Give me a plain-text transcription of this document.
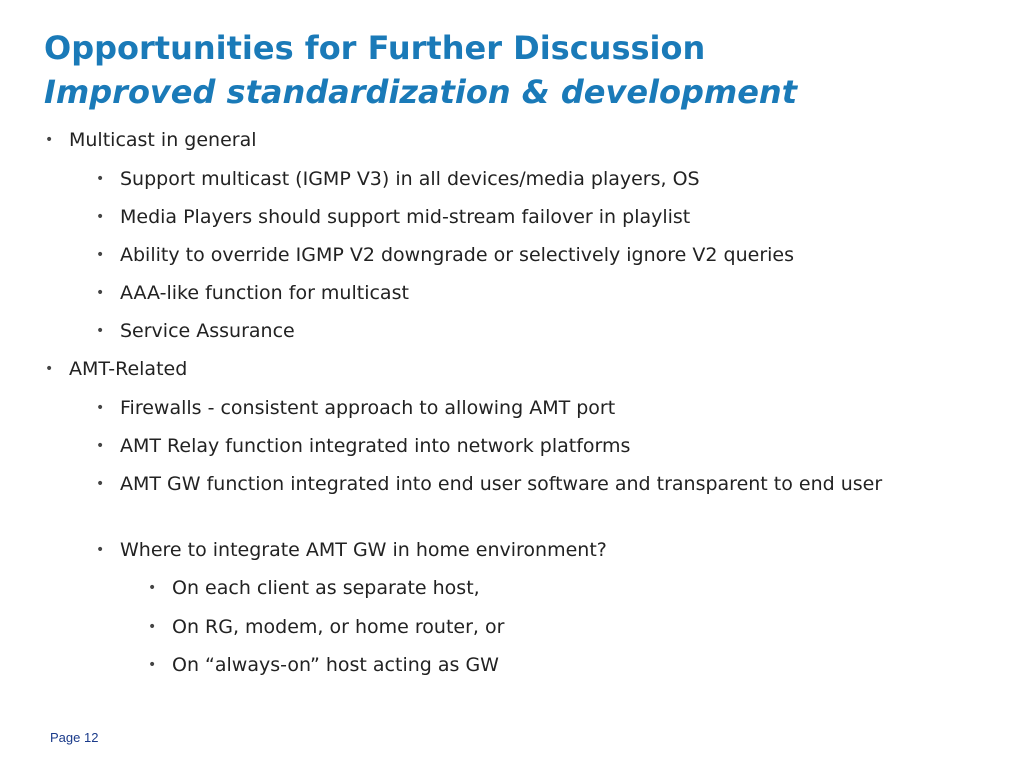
Opportunities for Further Discussion
Improved standardization & development
• Multicast in general
• Support multicast (IGMP V3) in all devices/media players, OS
• Media Players should support mid-stream failover in playlist
• Ability to override IGMP V2 downgrade or selectively ignore V2 queries
• AAA-like function for multicast
• Service Assurance
• AMT-Related
• Firewalls - consistent approach to allowing AMT port
• AMT Relay function integrated into network platforms
• AMT GW function integrated into end user software and transparent to end user
• Where to integrate AMT GW in home environment?
• On each client as separate host,
• On RG, modem, or home router, or
• On “always-on” host acting as GW
Page 12
